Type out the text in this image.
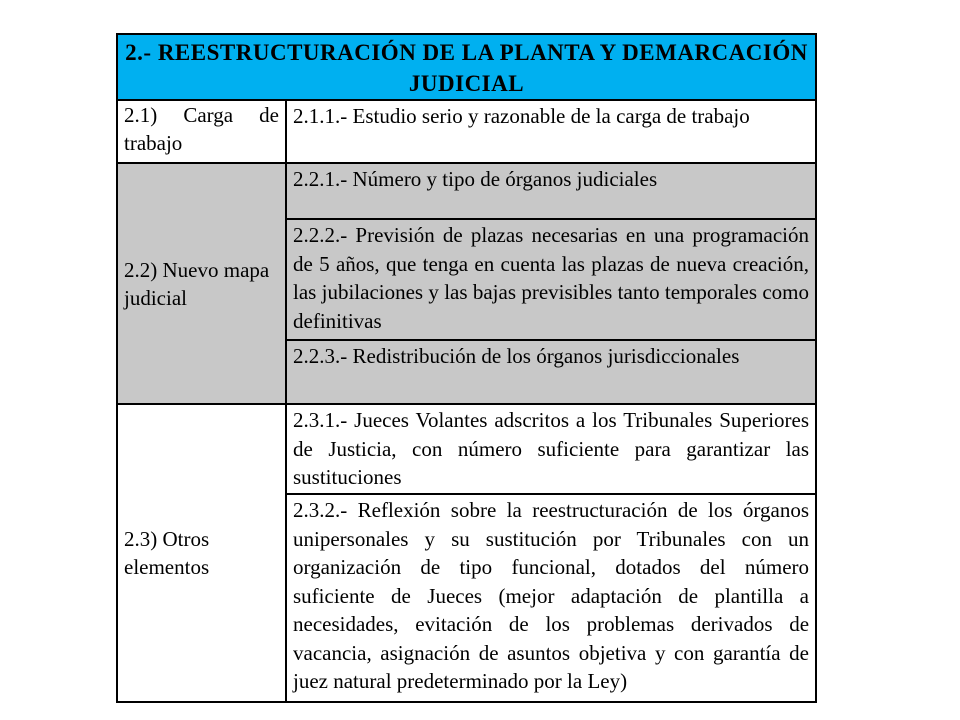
2.- REESTRUCTURACIÓN DE LA PLANTA Y DEMARCACIÓN JUDICIAL	
2.1) Carga de trabajo	2.1.1.- Estudio serio y razonable de la carga de trabajo

2.2) Nuevo mapa judicial	2.2.1.- Número y tipo de órganos judiciales

	2.2.2.- Previsión de plazas necesarias en una programación de 5 años, que tenga en cuenta las plazas de nueva creación, las jubilaciones y las bajas previsibles tanto temporales como definitivas

	2.2.3.- Redistribución de los órganos jurisdiccionales

2.3) Otros elementos	2.3.1.- Jueces Volantes adscritos a los Tribunales Superiores de Justicia, con número suficiente para garantizar las sustituciones

	2.3.2.- Reflexión sobre la reestructuración de los órganos unipersonales y su sustitución por Tribunales con un organización de tipo funcional, dotados del número suficiente de Jueces (mejor adaptación de plantilla a necesidades, evitación de los problemas derivados de vacancia, asignación de asuntos objetiva y con garantía de juez natural predeterminado por la Ley)
